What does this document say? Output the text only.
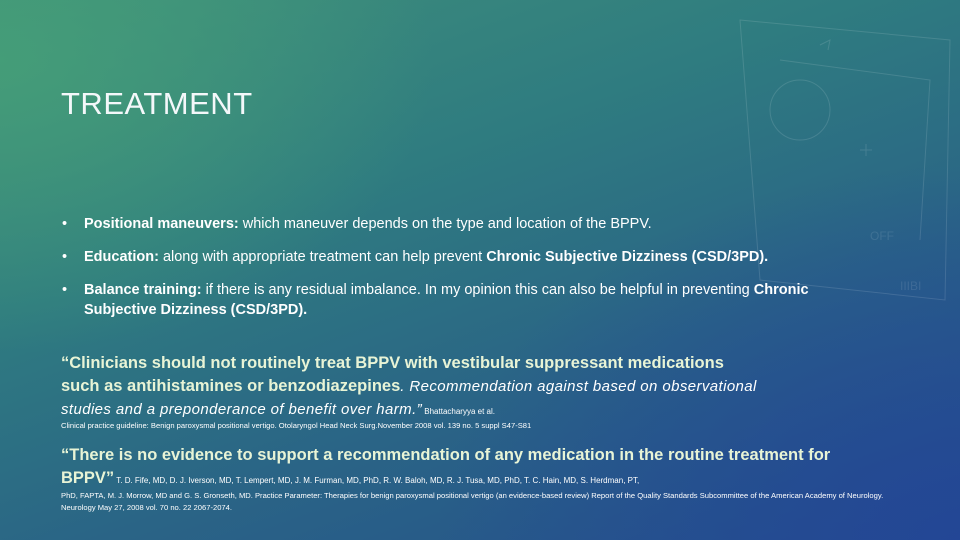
IIIBI
OFF
TREATMENT
• Positional maneuvers: which maneuver depends on the type and location of the BPPV.
• Education: along with appropriate treatment can help prevent Chronic Subjective Dizziness (CSD/3PD).
• Balance training: if there is any residual imbalance. In my opinion this can also be helpful in preventing Chronic Subjective Dizziness (CSD/3PD).
“Clinicians should not routinely treat BPPV with vestibular suppressant medications such as antihistamines or benzodiazepines. Recommendation against based on observational studies and a preponderance of benefit over harm.” Bhattacharyya et al.
Clinical practice guideline: Benign paroxysmal positional vertigo. Otolaryngol Head Neck Surg.November 2008 vol. 139 no. 5 suppl S47-S81
“There is no evidence to support a recommendation of any medication in the routine treatment for BPPV” T. D. Fife, MD, D. J. Iverson, MD, T. Lempert, MD, J. M. Furman, MD, PhD, R. W. Baloh, MD, R. J. Tusa, MD, PhD, T. C. Hain, MD, S. Herdman, PT,
PhD, FAPTA, M. J. Morrow, MD and G. S. Gronseth, MD. Practice Parameter: Therapies for benign paroxysmal positional vertigo (an evidence-based review) Report of the Quality Standards Subcommittee of the American Academy of Neurology. Neurology May 27, 2008 vol. 70 no. 22 2067-2074.
